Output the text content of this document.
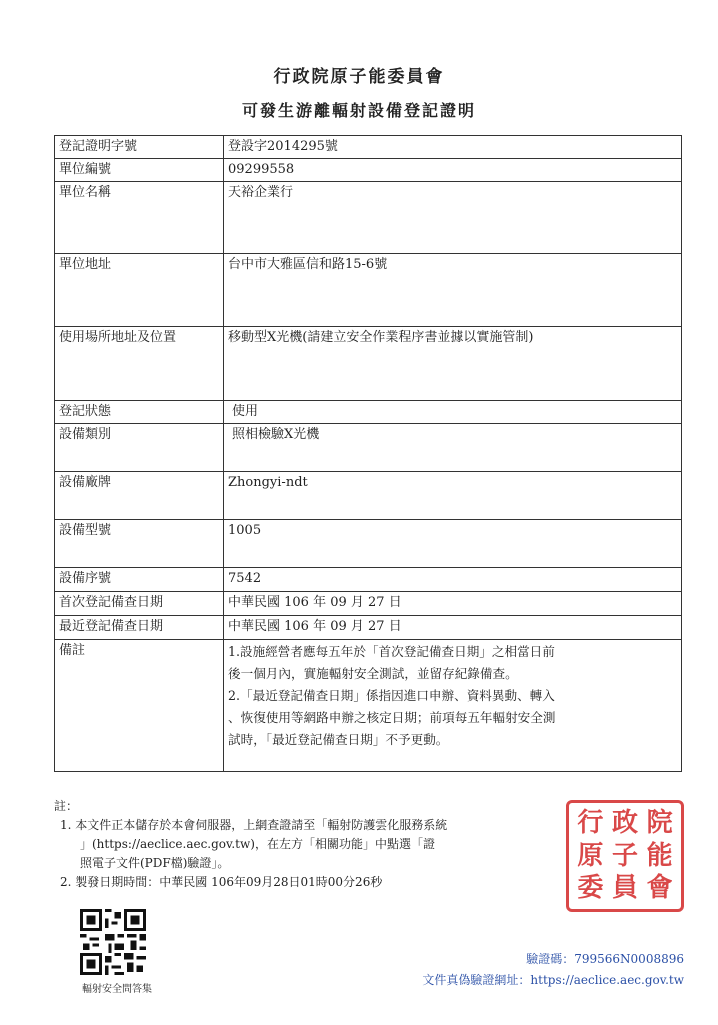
行政院原子能委員會
可發生游離輻射設備登記證明
登記證明字號	登設字2014295號
單位編號	09299558
單位名稱	天裕企業行
單位地址	台中市大雅區信和路15-6號
使用場所地址及位置	移動型X光機(請建立安全作業程序書並據以實施管制)
登記狀態	使用
設備類別	照相檢驗X光機
設備廠牌	Zhongyi-ndt
設備型號	1005
設備序號	7542
首次登記備查日期	中華民國 106 年 09 月 27 日
最近登記備查日期	中華民國 106 年 09 月 27 日
備註	1.設施經營者應每五年於「首次登記備查日期」之相當日前
後一個月內，實施輻射安全測試，並留存紀錄備查。
2.「最近登記備查日期」係指因進口申辦、資料異動、轉入
、恢復使用等網路申辦之核定日期；前項每五年輻射安全測
試時，「最近登記備查日期」不予更動。
註：
1. 本文件正本儲存於本會伺服器，上網查證請至「輻射防護雲化服務系統
」(https://aeclice.aec.gov.tw)，在左方「相關功能」中點選「證
照電子文件(PDF檔)驗證」。
2. 製發日期時間：中華民國 106年09月28日01時00分26秒
行 政 院
原 子 能
委 員 會
輻射安全問答集
驗證碼：799566N0008896
文件真偽驗證網址：https://aeclice.aec.gov.tw
